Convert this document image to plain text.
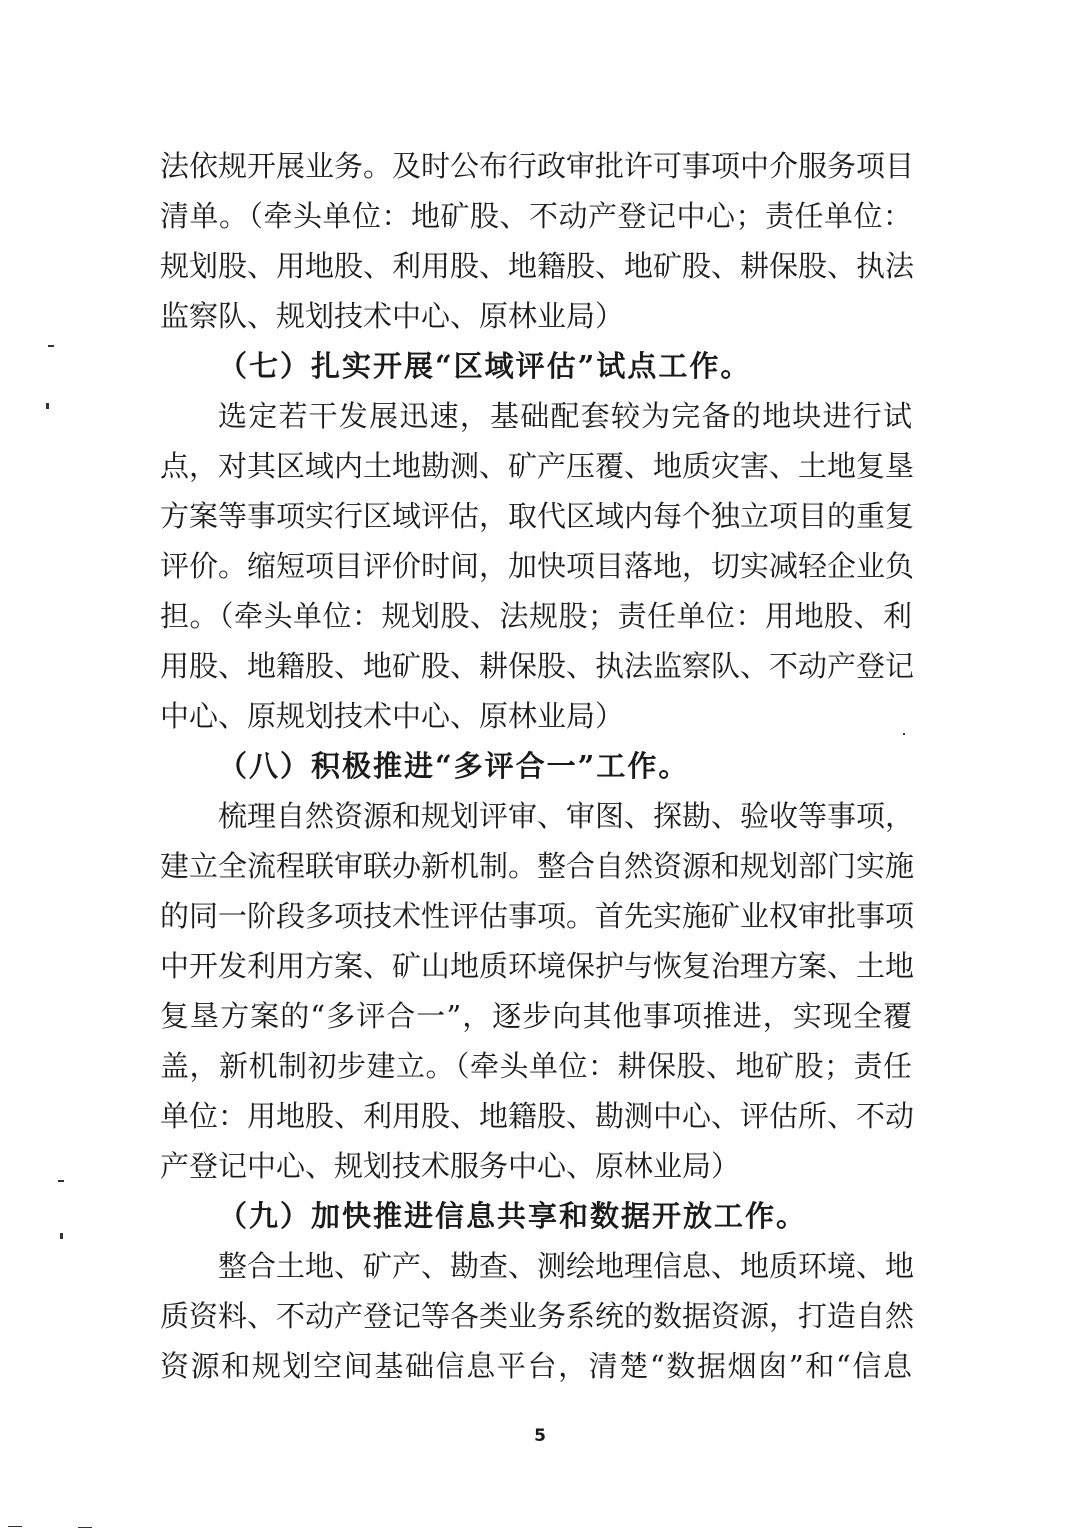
法依规开展业务。及时公布行政审批许可事项中介服务项目
清单。（牵头单位：地矿股、不动产登记中心；责任单位：
规划股、用地股、利用股、地籍股、地矿股、耕保股、执法
监察队、规划技术中心、原林业局）
（七）扎实开展“区域评估”试点工作。
选定若干发展迅速，基础配套较为完备的地块进行试
点，对其区域内土地勘测、矿产压覆、地质灾害、土地复垦
方案等事项实行区域评估，取代区域内每个独立项目的重复
评价。缩短项目评价时间，加快项目落地，切实减轻企业负
担。（牵头单位：规划股、法规股；责任单位：用地股、利
用股、地籍股、地矿股、耕保股、执法监察队、不动产登记
中心、原规划技术中心、原林业局）
（八）积极推进“多评合一”工作。
梳理自然资源和规划评审、审图、探勘、验收等事项，
建立全流程联审联办新机制。整合自然资源和规划部门实施
的同一阶段多项技术性评估事项。首先实施矿业权审批事项
中开发利用方案、矿山地质环境保护与恢复治理方案、土地
复垦方案的“多评合一”，逐步向其他事项推进，实现全覆
盖，新机制初步建立。（牵头单位：耕保股、地矿股；责任
单位：用地股、利用股、地籍股、勘测中心、评估所、不动
产登记中心、规划技术服务中心、原林业局）
（九）加快推进信息共享和数据开放工作。
整合土地、矿产、勘查、测绘地理信息、地质环境、地
质资料、不动产登记等各类业务系统的数据资源，打造自然
资源和规划空间基础信息平台，清楚“数据烟囱”和“信息
5
